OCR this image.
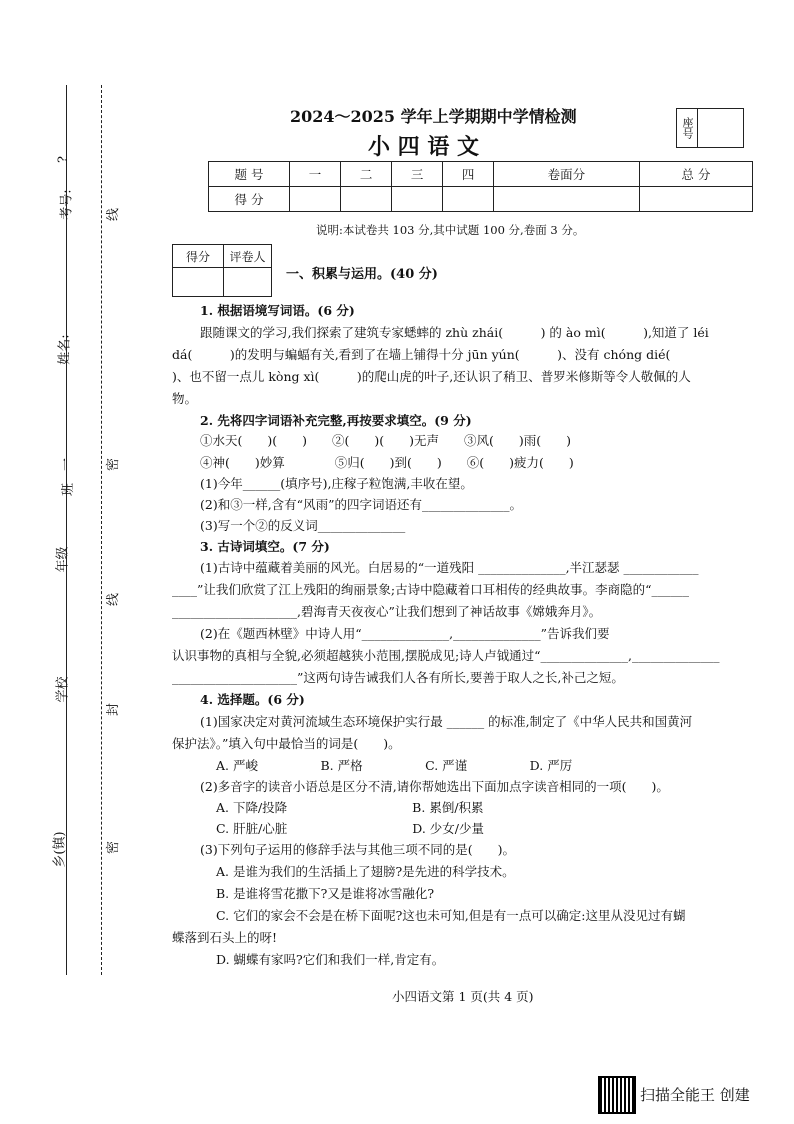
?
考号:
姓名:
一
班
年级
学校
乡(镇)
线
密
线
封
密
2024～2025 学年上学期期中学情检测
小 四 语 文
座号
题 号	一	二	三	四	卷面分	总 分
得 分						
说明:本试卷共 103 分,其中试题 100 分,卷面 3 分。
得分	评卷人

一、积累与运用。(40 分)
1. 根据语境写词语。(6 分)
跟随课文的学习,我们探索了建筑专家蟋蟀的 zhù zhái(　　　) 的 ào mì(　　　),知道了 léi
dá(　　　)的发明与蝙蝠有关,看到了在墙上铺得十分 jūn yún(　　　)、没有 chóng dié(
)、也不留一点儿 kòng xì(　　　)的爬山虎的叶子,还认识了稍卫、普罗米修斯等令人敬佩的人
物。
2. 先将四字词语补充完整,再按要求填空。(9 分)
①水天(　　)(　　)　　②(　　)(　　)无声　　③风(　　)雨(　　)
④神(　　)妙算　　　　⑤归(　　)到(　　)　　⑥(　　)疲力(　　)
(1)今年______(填序号),庄稼子粒饱满,丰收在望。
(2)和③一样,含有“风雨”的四字词语还有______________。
(3)写一个②的反义词______________
3. 古诗词填空。(7 分)
(1)古诗中蕴藏着美丽的风光。白居易的“一道残阳 ______________,半江瑟瑟 ____________
____”让我们欣赏了江上残阳的绚丽景象;古诗中隐藏着口耳相传的经典故事。李商隐的“______
____________________,碧海青天夜夜心”让我们想到了神话故事《嫦娥奔月》。
(2)在《题西林壁》中诗人用“______________,______________”告诉我们要
认识事物的真相与全貌,必须超越狭小范围,摆脱成见;诗人卢钺通过“______________,______________
____________________”这两句诗告诫我们人各有所长,要善于取人之长,补己之短。
4. 选择题。(6 分)
(1)国家决定对黄河流域生态环境保护实行最 ______ 的标准,制定了《中华人民共和国黄河
保护法》。”填入句中最恰当的词是(　　)。
A. 严峻　　　　　B. 严格　　　　　C. 严谨　　　　　D. 严厉
(2)多音字的读音小语总是区分不清,请你帮她选出下面加点字读音相同的一项(　　)。
A. 下降/投降　　　　　　　　　　B. 累倒/积累
C. 肝脏/心脏　　　　　　　　　　D. 少女/少量
(3)下列句子运用的修辞手法与其他三项不同的是(　　)。
A. 是谁为我们的生活插上了翅膀?是先进的科学技术。
B. 是谁将雪花撒下?又是谁将冰雪融化?
C. 它们的家会不会是在桥下面呢?这也未可知,但是有一点可以确定:这里从没见过有蝴
蝶落到石头上的呀!
D. 蝴蝶有家吗?它们和我们一样,肯定有。
小四语文第 1 页(共 4 页)
扫描全能王 创建
